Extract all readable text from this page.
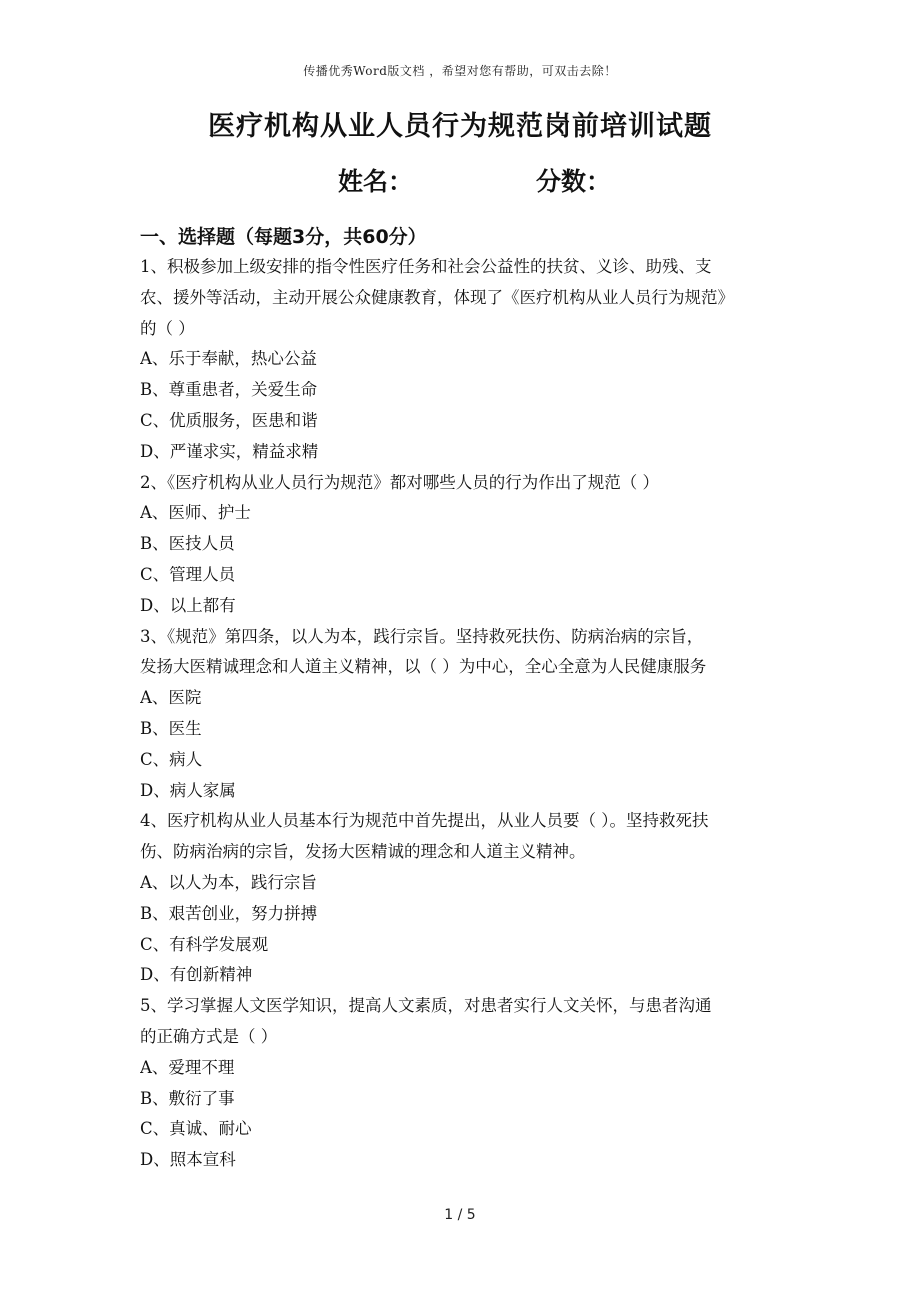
传播优秀Word版文档 ，希望对您有帮助，可双击去除！
医疗机构从业人员行为规范岗前培训试题
姓名：	分数：
一、选择题（每题3分，共60分）
1、积极参加上级安排的指令性医疗任务和社会公益性的扶贫、义诊、助残、支
农、援外等活动，主动开展公众健康教育，体现了《医疗机构从业人员行为规范》
的（ ）
A、乐于奉献，热心公益
B、尊重患者，关爱生命
C、优质服务，医患和谐
D、严谨求实，精益求精
2、《医疗机构从业人员行为规范》都对哪些人员的行为作出了规范（ ）
A、医师、护士
B、医技人员
C、管理人员
D、以上都有
3、《规范》第四条，以人为本，践行宗旨。坚持救死扶伤、防病治病的宗旨，
发扬大医精诚理念和人道主义精神，以（ ）为中心，全心全意为人民健康服务
A、医院
B、医生
C、病人
D、病人家属
4、医疗机构从业人员基本行为规范中首先提出，从业人员要（ ）。坚持救死扶
伤、防病治病的宗旨，发扬大医精诚的理念和人道主义精神。
A、以人为本，践行宗旨
B、艰苦创业，努力拼搏
C、有科学发展观
D、有创新精神
5、学习掌握人文医学知识，提高人文素质，对患者实行人文关怀，与患者沟通
的正确方式是（ ）
A、爱理不理
B、敷衍了事
C、真诚、耐心
D、照本宣科
1 / 5
